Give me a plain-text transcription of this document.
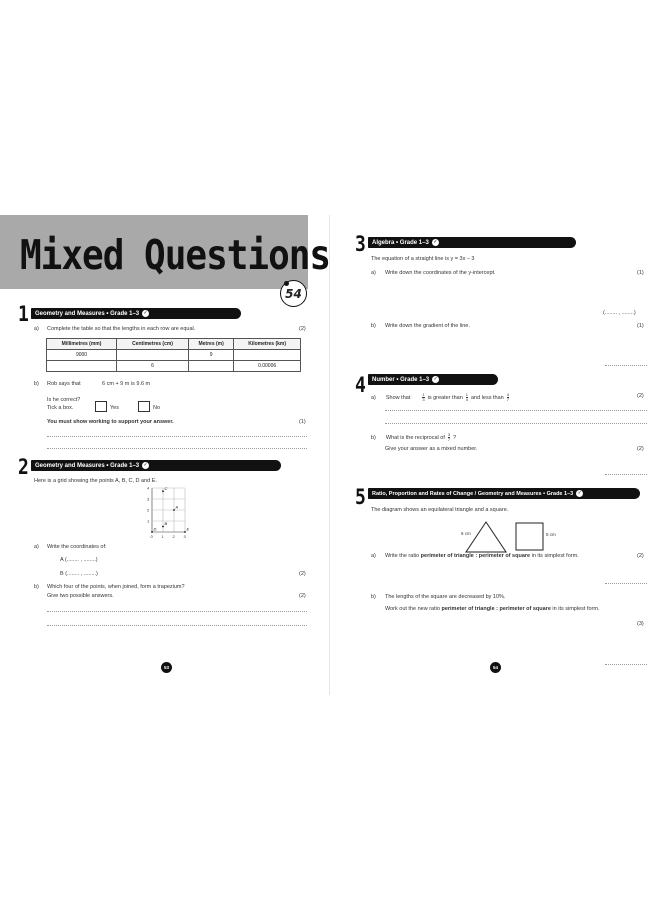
Mixed Questions
54
1 Geometry and Measures • Grade 1–3 ✓
a) Complete the table so that the lengths in each row are equal.	(2)
Millimetres (mm)	Centimetres (cm)	Metres (m)	Kilometres (km)
9000		9	
	6		0.00006
b) Rob says that	6 cm + 9 m is 9.6 m
Is he correct?
Tick a box.	Yes	No
You must show working to support your answer.	(1)
2 Geometry and Measures • Grade 1–3 ✓
Here is a grid showing the points A, B, C, D and E.
0 1 2 3
4
3
2
1
A
B
C
D	E
a) Write the coordinates of:
A (........ , ........)
B (........ , ........)	(2)
b) Which four of the points, when joined, form a trapezium?
Give two possible answers.	(2)
53
3 Algebra • Grade 1–3 ✓
The equation of a straight line is y = 3x – 3
a) Write down the coordinates of the y-intercept.	(1)
(........ , ........)
b) Write down the gradient of the line.	(1)
4 Number • Grade 1–3 ✓
a) Show that	$\frac{1}{3}$ is greater than $\frac{1}{4}$ and less than $\frac{4}{7}$	(2)
b) What is the reciprocal of $\frac{3}{7}$ ?
Give your answer as a mixed number.	(2)
5 Ratio, Proportion and Rates of Change / Geometry and Measures • Grade 1–3 ✓
The diagram shows an equilateral triangle and a square.
6 cm	5 cm
a) Write the ratio perimeter of triangle : perimeter of square in its simplest form.	(2)
b) The lengths of the square are decreased by 10%.
Work out the new ratio perimeter of triangle : perimeter of square in its simplest form.
(3)
54
